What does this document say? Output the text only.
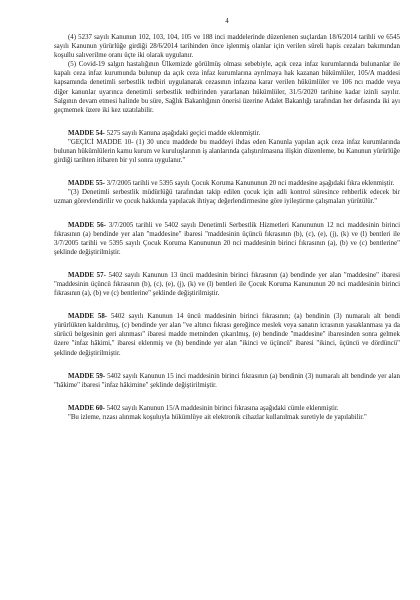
4

(4) 5237 sayılı Kanunun 102, 103, 104, 105 ve 188 inci maddelerinde düzenlenen suçlardan 18/6/2014 tarihli ve 6545 sayılı Kanunun yürürlüğe girdiği 28/6/2014 tarihinden önce işlenmiş olanlar için verilen süreli hapis cezaları bakımından koşullu salıverilme oranı üçte iki olarak uygulanır.

(5) Covid-19 salgın hastalığının Ülkemizde görülmüş olması sebebiyle, açık ceza infaz kurumlarında bulunanlar ile kapalı ceza infaz kurumunda bulunup da açık ceza infaz kurumlarına ayrılmaya hak kazanan hükümlüler, 105/A maddesi kapsamında denetimli serbestlik tedbiri uygulanarak cezasının infazına karar verilen hükümlüler ve 106 ncı madde veya diğer kanunlar uyarınca denetimli serbestlik tedbirinden yararlanan hükümlüler, 31/5/2020 tarihine kadar izinli sayılır. Salgının devam etmesi halinde bu süre, Sağlık Bakanlığının önerisi üzerine Adalet Bakanlığı tarafından her defasında iki ayı geçmemek üzere iki kez uzatılabilir.

MADDE 54- 5275 sayılı Kanuna aşağıdaki geçici madde eklenmiştir.

"GEÇİCİ MADDE 10- (1) 30 uncu maddede bu maddeyi ihdas eden Kanunla yapılan açık ceza infaz kurumlarında bulunan hükümlülerin kamu kurum ve kuruluşlarının iş alanlarında çalıştırılmasına ilişkin düzenleme, bu Kanunun yürürlüğe girdiği tarihten itibaren bir yıl sonra uygulanır."

MADDE 55- 3/7/2005 tarihli ve 5395 sayılı Çocuk Koruma Kanununun 20 nci maddesine aşağıdaki fıkra eklenmiştir.

"(3) Denetimli serbestlik müdürlüğü tarafından takip edilen çocuk için adli kontrol süresince rehberlik edecek bir uzman görevlendirilir ve çocuk hakkında yapılacak ihtiyaç değerlendirmesine göre iyileştirme çalışmaları yürütülür."

MADDE 56- 3/7/2005 tarihli ve 5402 sayılı Denetimli Serbestlik Hizmetleri Kanununun 12 nci maddesinin birinci fıkrasının (a) bendinde yer alan "maddesine" ibaresi "maddesinin üçüncü fıkrasının (b), (c), (e), (j), (k) ve (l) bentleri ile 3/7/2005 tarihli ve 5395 sayılı Çocuk Koruma Kanununun 20 nci maddesinin birinci fıkrasının (a), (b) ve (c) bentlerine" şeklinde değiştirilmiştir.

MADDE 57- 5402 sayılı Kanunun 13 üncü maddesinin birinci fıkrasının (a) bendinde yer alan "maddesine" ibaresi "maddesinin üçüncü fıkrasının (b), (c), (e), (j), (k) ve (l) bentleri ile Çocuk Koruma Kanununun 20 nci maddesinin birinci fıkrasının (a), (b) ve (c) bentlerine" şeklinde değiştirilmiştir.

MADDE 58- 5402 sayılı Kanunun 14 üncü maddesinin birinci fıkrasının; (a) bendinin (3) numaralı alt bendi yürürlükten kaldırılmış, (c) bendinde yer alan "ve altıncı fıkrası gereğince meslek veya sanatın icrasının yasaklanması ya da sürücü belgesinin geri alınması" ibaresi madde metninden çıkarılmış, (e) bendinde "maddesine" ibaresinden sonra gelmek üzere "infaz hâkimi," ibaresi eklenmiş ve (h) bendinde yer alan "ikinci ve üçüncü" ibaresi "ikinci, üçüncü ve dördüncü" şeklinde değiştirilmiştir.

MADDE 59- 5402 sayılı Kanunun 15 inci maddesinin birinci fıkrasının (a) bendinin (3) numaralı alt bendinde yer alan "hâkime" ibaresi "infaz hâkimine" şeklinde değiştirilmiştir.

MADDE 60- 5402 sayılı Kanunun 15/A maddesinin birinci fıkrasına aşağıdaki cümle eklenmiştir.

"Bu izleme, rızası alınmak koşuluyla hükümlüye ait elektronik cihazlar kullanılmak suretiyle de yapılabilir."
